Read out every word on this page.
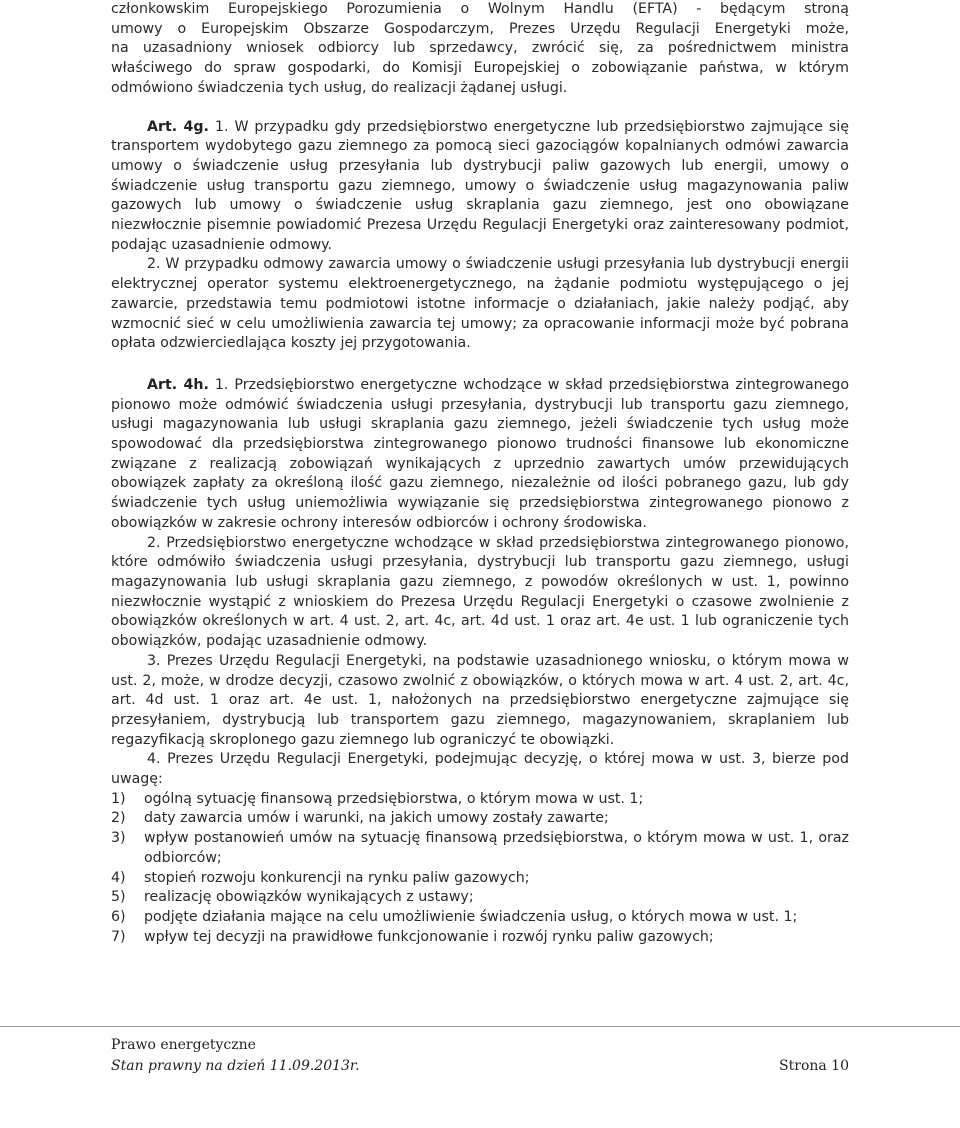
członkowskim Europejskiego Porozumienia o Wolnym Handlu (EFTA) - będącym stroną
umowy o Europejskim Obszarze Gospodarczym, Prezes Urzędu Regulacji Energetyki może,
na uzasadniony wniosek odbiorcy lub sprzedawcy, zwrócić się, za pośrednictwem ministra
właściwego do spraw gospodarki, do Komisji Europejskiej o zobowiązanie państwa, w którym
odmówiono świadczenia tych usług, do realizacji żądanej usługi.

Art. 4g. 1. W przypadku gdy przedsiębiorstwo energetyczne lub przedsiębiorstwo zajmujące się transportem wydobytego gazu ziemnego za pomocą sieci gazociągów kopalnianych odmówi zawarcia umowy o świadczenie usług przesyłania lub dystrybucji paliw gazowych lub energii, umowy o świadczenie usług transportu gazu ziemnego, umowy o świadczenie usług magazynowania paliw gazowych lub umowy o świadczenie usług skraplania gazu ziemnego, jest ono obowiązane niezwłocznie pisemnie powiadomić Prezesa Urzędu Regulacji Energetyki oraz zainteresowany podmiot, podając uzasadnienie odmowy.

2. W przypadku odmowy zawarcia umowy o świadczenie usługi przesyłania lub dystrybucji energii elektrycznej operator systemu elektroenergetycznego, na żądanie podmiotu występującego o jej zawarcie, przedstawia temu podmiotowi istotne informacje o działaniach, jakie należy podjąć, aby wzmocnić sieć w celu umożliwienia zawarcia tej umowy; za opracowanie informacji może być pobrana opłata odzwierciedlająca koszty jej przygotowania.

Art. 4h. 1. Przedsiębiorstwo energetyczne wchodzące w skład przedsiębiorstwa zintegrowanego pionowo może odmówić świadczenia usługi przesyłania, dystrybucji lub transportu gazu ziemnego, usługi magazynowania lub usługi skraplania gazu ziemnego, jeżeli świadczenie tych usług może spowodować dla przedsiębiorstwa zintegrowanego pionowo trudności finansowe lub ekonomiczne związane z realizacją zobowiązań wynikających z uprzednio zawartych umów przewidujących obowiązek zapłaty za określoną ilość gazu ziemnego, niezależnie od ilości pobranego gazu, lub gdy świadczenie tych usług uniemożliwia wywiązanie się przedsiębiorstwa zintegrowanego pionowo z obowiązków w zakresie ochrony interesów odbiorców i ochrony środowiska.

2. Przedsiębiorstwo energetyczne wchodzące w skład przedsiębiorstwa zintegrowanego pionowo, które odmówiło świadczenia usługi przesyłania, dystrybucji lub transportu gazu ziemnego, usługi magazynowania lub usługi skraplania gazu ziemnego, z powodów określonych w ust. 1, powinno niezwłocznie wystąpić z wnioskiem do Prezesa Urzędu Regulacji Energetyki o czasowe zwolnienie z obowiązków określonych w art. 4 ust. 2, art. 4c, art. 4d ust. 1 oraz art. 4e ust. 1 lub ograniczenie tych obowiązków, podając uzasadnienie odmowy.

3. Prezes Urzędu Regulacji Energetyki, na podstawie uzasadnionego wniosku, o którym mowa w ust. 2, może, w drodze decyzji, czasowo zwolnić z obowiązków, o których mowa w art. 4 ust. 2, art. 4c, art. 4d ust. 1 oraz art. 4e ust. 1, nałożonych na przedsiębiorstwo energetyczne zajmujące się przesyłaniem, dystrybucją lub transportem gazu ziemnego, magazynowaniem, skraplaniem lub regazyfikacją skroplonego gazu ziemnego lub ograniczyć te obowiązki.

4. Prezes Urzędu Regulacji Energetyki, podejmując decyzję, o której mowa w ust. 3, bierze pod uwagę:

1)	ogólną sytuację finansową przedsiębiorstwa, o którym mowa w ust. 1;
2)	daty zawarcia umów i warunki, na jakich umowy zostały zawarte;
3)	wpływ postanowień umów na sytuację finansową przedsiębiorstwa, o którym mowa w ust. 1, oraz odbiorców;
4)	stopień rozwoju konkurencji na rynku paliw gazowych;
5)	realizację obowiązków wynikających z ustawy;
6)	podjęte działania mające na celu umożliwienie świadczenia usług, o których mowa w ust. 1;
7)	wpływ tej decyzji na prawidłowe funkcjonowanie i rozwój rynku paliw gazowych;
Prawo energetyczne
Stan prawny na dzień 11.09.2013r.	Strona 10
